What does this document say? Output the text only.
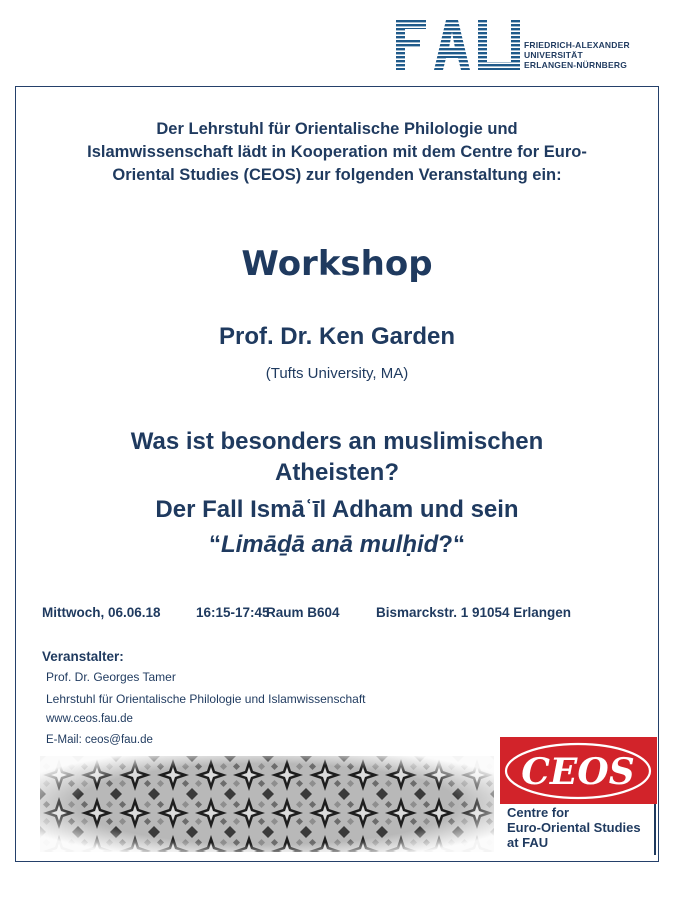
FRIEDRICH-ALEXANDER
UNIVERSITÄT
ERLANGEN-NÜRNBERG
Der Lehrstuhl für Orientalische Philologie und
Islamwissenschaft lädt in Kooperation mit dem Centre for Euro-
Oriental Studies (CEOS) zur folgenden Veranstaltung ein:
Workshop
Prof. Dr. Ken Garden
(Tufts University, MA)
Was ist besonders an muslimischen
Atheisten?
Der Fall Ismāʿīl Adham und sein
“Limāḏā anā mulḥid?“
Mittwoch, 06.06.18	16:15-17:45Raum B604	Bismarckstr. 1 91054 Erlangen
Veranstalter:
Prof. Dr. Georges Tamer
Lehrstuhl für Orientalische Philologie und Islamwissenschaft
www.ceos.fau.de
E-Mail: ceos@fau.de
CEOS
Centre for
Euro-Oriental Studies
at FAU
